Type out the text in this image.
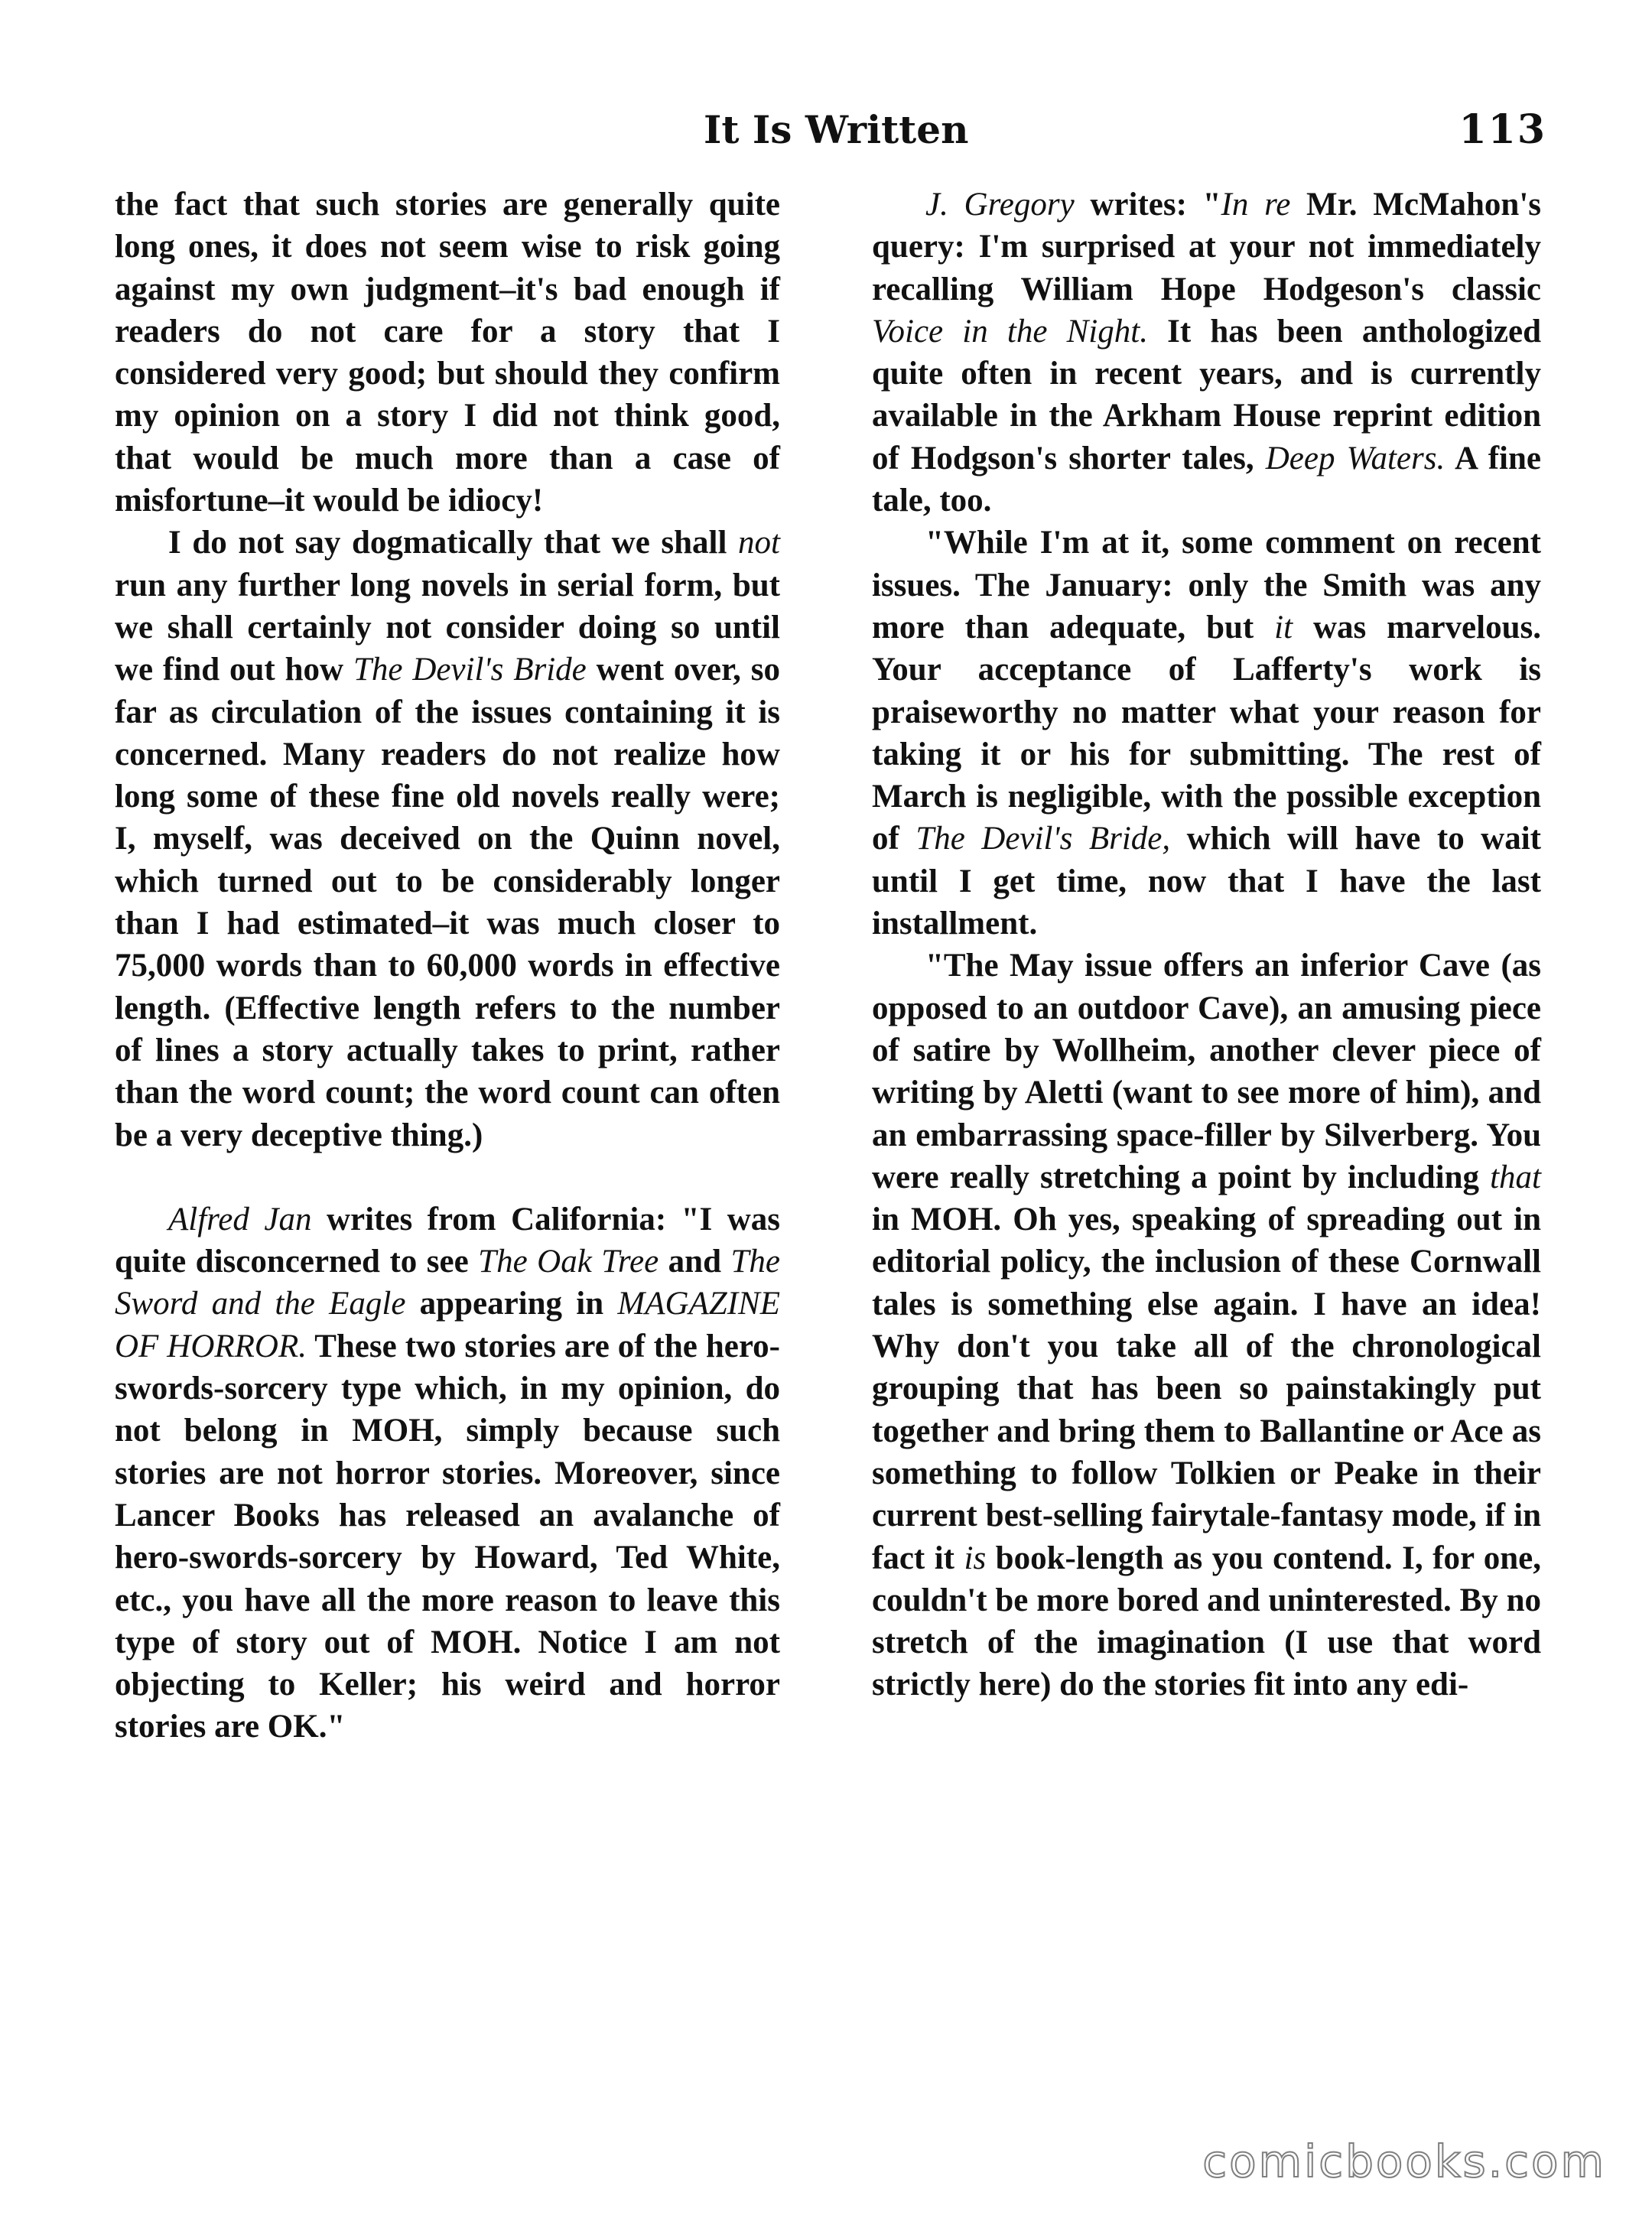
It Is Written	113

the fact that such stories are generally quite long ones, it does not seem wise to risk going against my own judgment–it's bad enough if readers do not care for a story that I considered very good; but should they confirm my opinion on a story I did not think good, that would be much more than a case of misfortune–it would be idiocy!

I do not say dogmatically that we shall not run any further long novels in serial form, but we shall certainly not consider doing so until we find out how The Devil's Bride went over, so far as circulation of the issues containing it is concerned. Many readers do not realize how long some of these fine old novels really were; I, myself, was deceived on the Quinn novel, which turned out to be considerably longer than I had estimated–it was much closer to 75,000 words than to 60,000 words in effective length. (Effective length refers to the number of lines a story actually takes to print, rather than the word count; the word count can often be a very deceptive thing.)

Alfred Jan writes from California: "I was quite disconcerned to see The Oak Tree and The Sword and the Eagle appearing in MAGAZINE OF HORROR. These two stories are of the hero-swords-sorcery type which, in my opinion, do not belong in MOH, simply because such stories are not horror stories. Moreover, since Lancer Books has released an avalanche of hero-swords-sorcery by Howard, Ted White, etc., you have all the more reason to leave this type of story out of MOH. Notice I am not objecting to Keller; his weird and horror stories are OK."

J. Gregory writes: "In re Mr. McMahon's query: I'm surprised at your not immediately recalling William Hope Hodgeson's classic Voice in the Night. It has been anthologized quite often in recent years, and is currently available in the Arkham House reprint edition of Hodgson's shorter tales, Deep Waters. A fine tale, too.

"While I'm at it, some comment on recent issues. The January: only the Smith was any more than adequate, but it was marvelous. Your acceptance of Lafferty's work is praiseworthy no matter what your reason for taking it or his for submitting. The rest of March is negligible, with the possible exception of The Devil's Bride, which will have to wait until I get time, now that I have the last installment.

"The May issue offers an inferior Cave (as opposed to an outdoor Cave), an amusing piece of satire by Wollheim, another clever piece of writing by Aletti (want to see more of him), and an embarrassing space-filler by Silverberg. You were really stretching a point by including that in MOH. Oh yes, speaking of spreading out in editorial policy, the inclusion of these Cornwall tales is something else again. I have an idea! Why don't you take all of the chronological grouping that has been so painstakingly put together and bring them to Ballantine or Ace as something to follow Tolkien or Peake in their current best-selling fairytale-fantasy mode, if in fact it is book-length as you contend. I, for one, couldn't be more bored and uninterested. By no stretch of the imagination (I use that word strictly here) do the stories fit into any edi-

comicbooks.com
